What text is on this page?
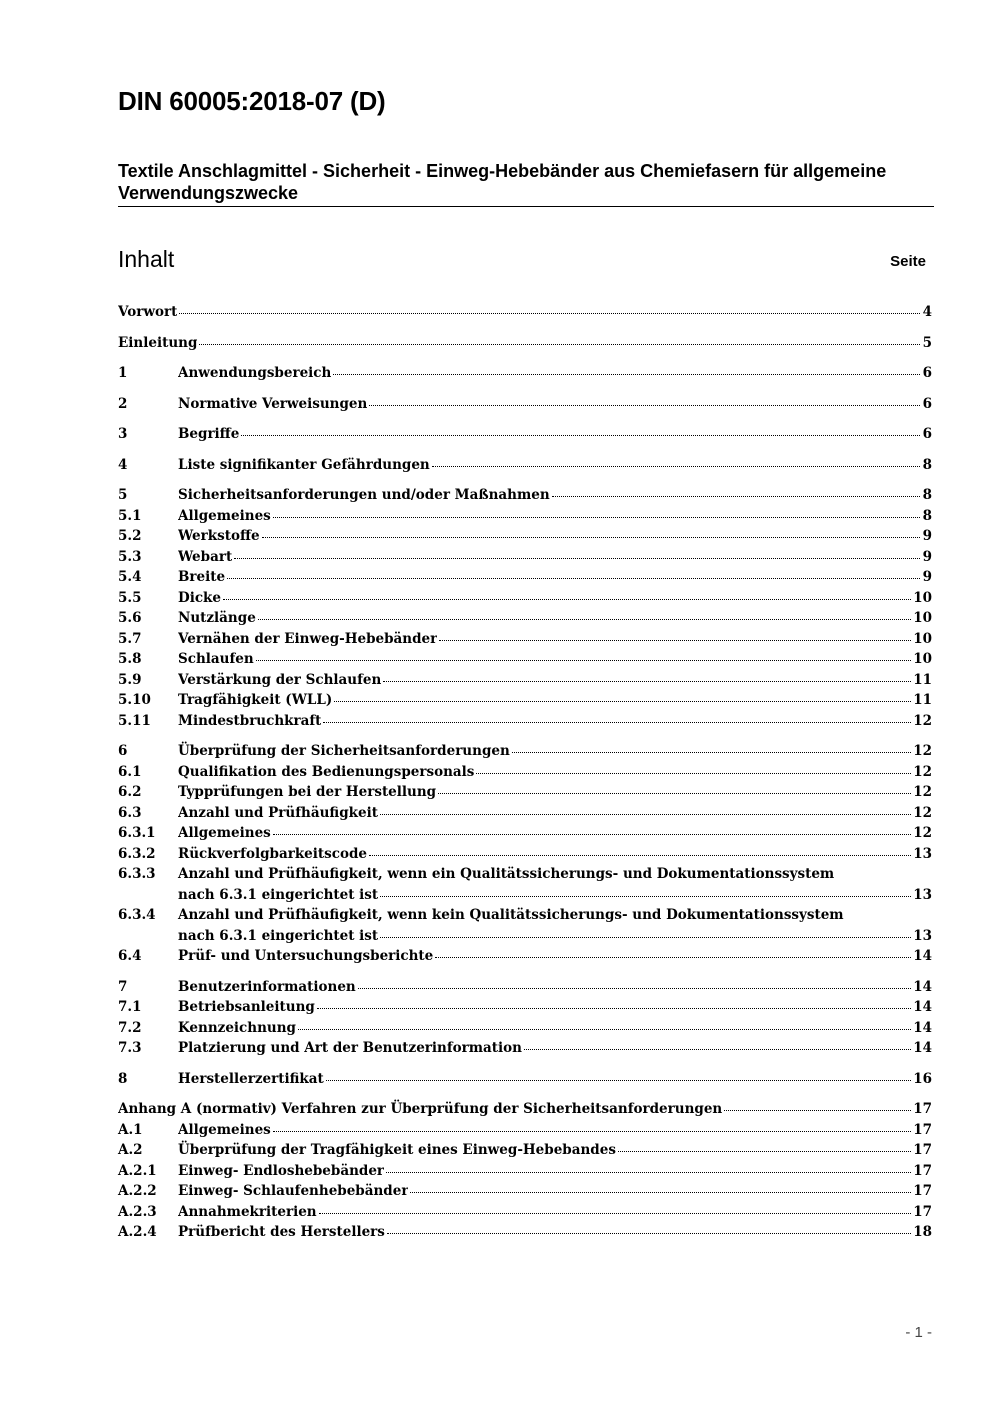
DIN 60005:2018-07 (D)
Textile Anschlagmittel - Sicherheit - Einweg-Hebebänder aus Chemiefasern für allgemeine Verwendungszwecke
Inhalt	Seite
Vorwort	4
Einleitung	5
1	Anwendungsbereich	6
2	Normative Verweisungen	6
3	Begriffe	6
4	Liste signifikanter Gefährdungen	8
5	Sicherheitsanforderungen und/oder Maßnahmen	8
5.1	Allgemeines	8
5.2	Werkstoffe	9
5.3	Webart	9
5.4	Breite	9
5.5	Dicke	10
5.6	Nutzlänge	10
5.7	Vernähen der Einweg-Hebebänder	10
5.8	Schlaufen	10
5.9	Verstärkung der Schlaufen	11
5.10	Tragfähigkeit (WLL)	11
5.11	Mindestbruchkraft	12
6	Überprüfung der Sicherheitsanforderungen	12
6.1	Qualifikation des Bedienungspersonals	12
6.2	Typprüfungen bei der Herstellung	12
6.3	Anzahl und Prüfhäufigkeit	12
6.3.1	Allgemeines	12
6.3.2	Rückverfolgbarkeitscode	13
6.3.3	Anzahl und Prüfhäufigkeit, wenn ein Qualitätssicherungs- und Dokumentationssystem
nach 6.3.1 eingerichtet ist	13
6.3.4	Anzahl und Prüfhäufigkeit, wenn kein Qualitätssicherungs- und Dokumentationssystem
nach 6.3.1 eingerichtet ist	13
6.4	Prüf- und Untersuchungsberichte	14
7	Benutzerinformationen	14
7.1	Betriebsanleitung	14
7.2	Kennzeichnung	14
7.3	Platzierung und Art der Benutzerinformation	14
8	Herstellerzertifikat	16
Anhang A (normativ) Verfahren zur Überprüfung der Sicherheitsanforderungen	17
A.1	Allgemeines	17
A.2	Überprüfung der Tragfähigkeit eines Einweg-Hebebandes	17
A.2.1	Einweg- Endloshebebänder	17
A.2.2	Einweg- Schlaufenhebebänder	17
A.2.3	Annahmekriterien	17
A.2.4	Prüfbericht des Herstellers	18
- 1 -
